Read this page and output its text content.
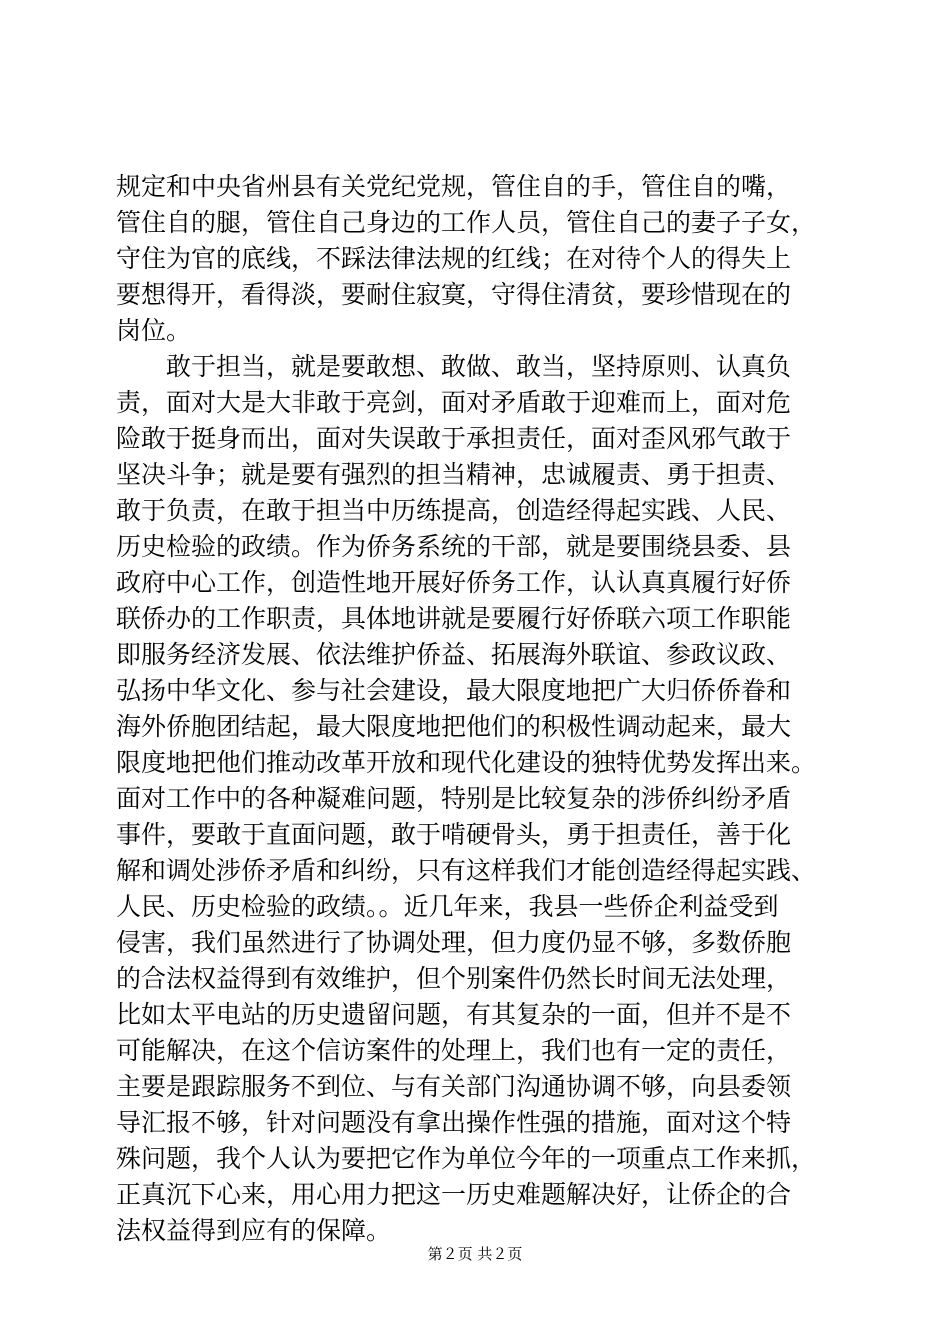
规定和中央省州县有关党纪党规，管住自的手，管住自的嘴，
管住自的腿，管住自己身边的工作人员，管住自己的妻子子女，
守住为官的底线，不踩法律法规的红线；在对待个人的得失上
要想得开，看得淡，要耐住寂寞，守得住清贫，要珍惜现在的
岗位。
敢于担当，就是要敢想、敢做、敢当，坚持原则、认真负
责，面对大是大非敢于亮剑，面对矛盾敢于迎难而上，面对危
险敢于挺身而出，面对失误敢于承担责任，面对歪风邪气敢于
坚决斗争；就是要有强烈的担当精神，忠诚履责、勇于担责、
敢于负责，在敢于担当中历练提高，创造经得起实践、人民、
历史检验的政绩。作为侨务系统的干部，就是要围绕县委、县
政府中心工作，创造性地开展好侨务工作，认认真真履行好侨
联侨办的工作职责，具体地讲就是要履行好侨联六项工作职能
即服务经济发展、依法维护侨益、拓展海外联谊、参政议政、
弘扬中华文化、参与社会建设，最大限度地把广大归侨侨眷和
海外侨胞团结起，最大限度地把他们的积极性调动起来，最大
限度地把他们推动改革开放和现代化建设的独特优势发挥出来。
面对工作中的各种凝难问题，特别是比较复杂的涉侨纠纷矛盾
事件，要敢于直面问题，敢于啃硬骨头，勇于担责任，善于化
解和调处涉侨矛盾和纠纷，只有这样我们才能创造经得起实践、
人民、历史检验的政绩。。近几年来，我县一些侨企利益受到
侵害，我们虽然进行了协调处理，但力度仍显不够，多数侨胞
的合法权益得到有效维护，但个别案件仍然长时间无法处理，
比如太平电站的历史遗留问题，有其复杂的一面，但并不是不
可能解决，在这个信访案件的处理上，我们也有一定的责任，
主要是跟踪服务不到位、与有关部门沟通协调不够，向县委领
导汇报不够，针对问题没有拿出操作性强的措施，面对这个特
殊问题，我个人认为要把它作为单位今年的一项重点工作来抓，
正真沉下心来，用心用力把这一历史难题解决好，让侨企的合
法权益得到应有的保障。
第２页 共２页
